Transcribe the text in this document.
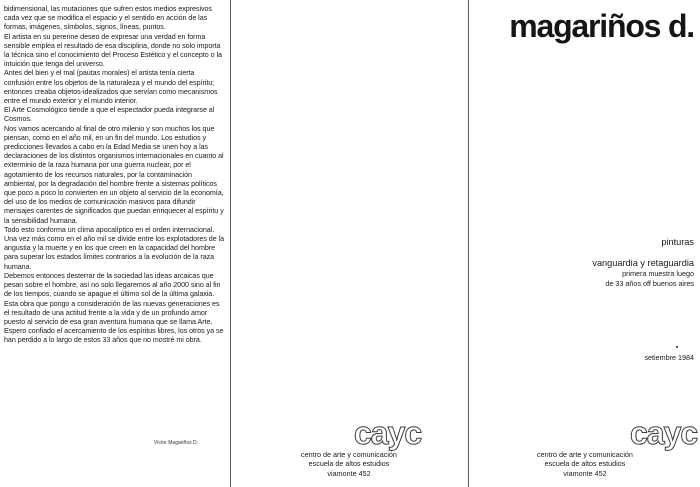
bidimensional, las mutaciones que sufren estos medios expresivos cada vez que se modifica el espacio y el sentido en acción de las formas, imágenes, símbolos, signos, líneas, puntos.

El artista en su perenne deseo de expresar una verdad en forma sensible emplea el resultado de esa disciplina, donde no solo importa la técnica sino el conocimiento del Proceso Estético y el concepto o la intuición que tenga del universo.

Antes del bien y el mal (pautas morales) el artista tenía cierta confusión entre los objetos de la naturaleza y el mundo del espíritu; entonces creaba objetos-idealizados que servían como mecanismos entre el mundo exterior y el mundo interior.

El Arte Cosmológico tiende a que el espectador pueda integrarse al Cosmos.

Nos vamos acercando al final de otro milenio y son muchos los que piensan, como en el año mil, en un fin del mundo. Los estudios y predicciones llevados a cabo en la Edad Media se unen hoy a las declaraciones de los distintos organismos internacionales en cuanto al exterminio de la raza humana por una guerra nuclear, por el agotamiento de los recursos naturales, por la contaminación ambiental, por la degradación del hombre frente a sistemas políticos que poco a poco lo convierten en un objeto al servicio de la economía, del uso de los medios de comunicación masivos para difundir mensajes carentes de significados que puedan enriquecer al espíritu y la sensibilidad humana.

Todo esto conforma un clima apocalíptico en el orden internacional.

Una vez más como en el año mil se divide entre los explotadores de la angustia y la muerte y en los que creen en la capacidad del hombre para superar los estados límites contrarios a la evolución de la raza humana.

Debemos entonces desterrar de la sociedad las ideas arcaicas que pesan sobre el hombre, así no solo llegaremos al año 2000 sino al fin de los tiempos, cuando se apague el último sol de la última galaxia.

Esta obra que pongo a consideración de las nuevas generaciones es el resultado de una actitud frente a la vida y de un profundo amor puesto al servicio de esa gran aventura humana que se llama Arte.

Espero confiado el acercamiento de los espíritus libres, los otros ya se han perdido a lo largo de estos 33 años que no mostré mi obra.

Víctor Magariños D.	cayc
centro de arte y comunicación
escuela de altos estudios
viamonte 452
magariños d.
pinturas
vanguardia y retaguardia
primera muestra luego
de 33 años off buenos aires
setiembre 1984
cayc
centro de arte y comunicación
escuela de altos estudios
viamonte 452
